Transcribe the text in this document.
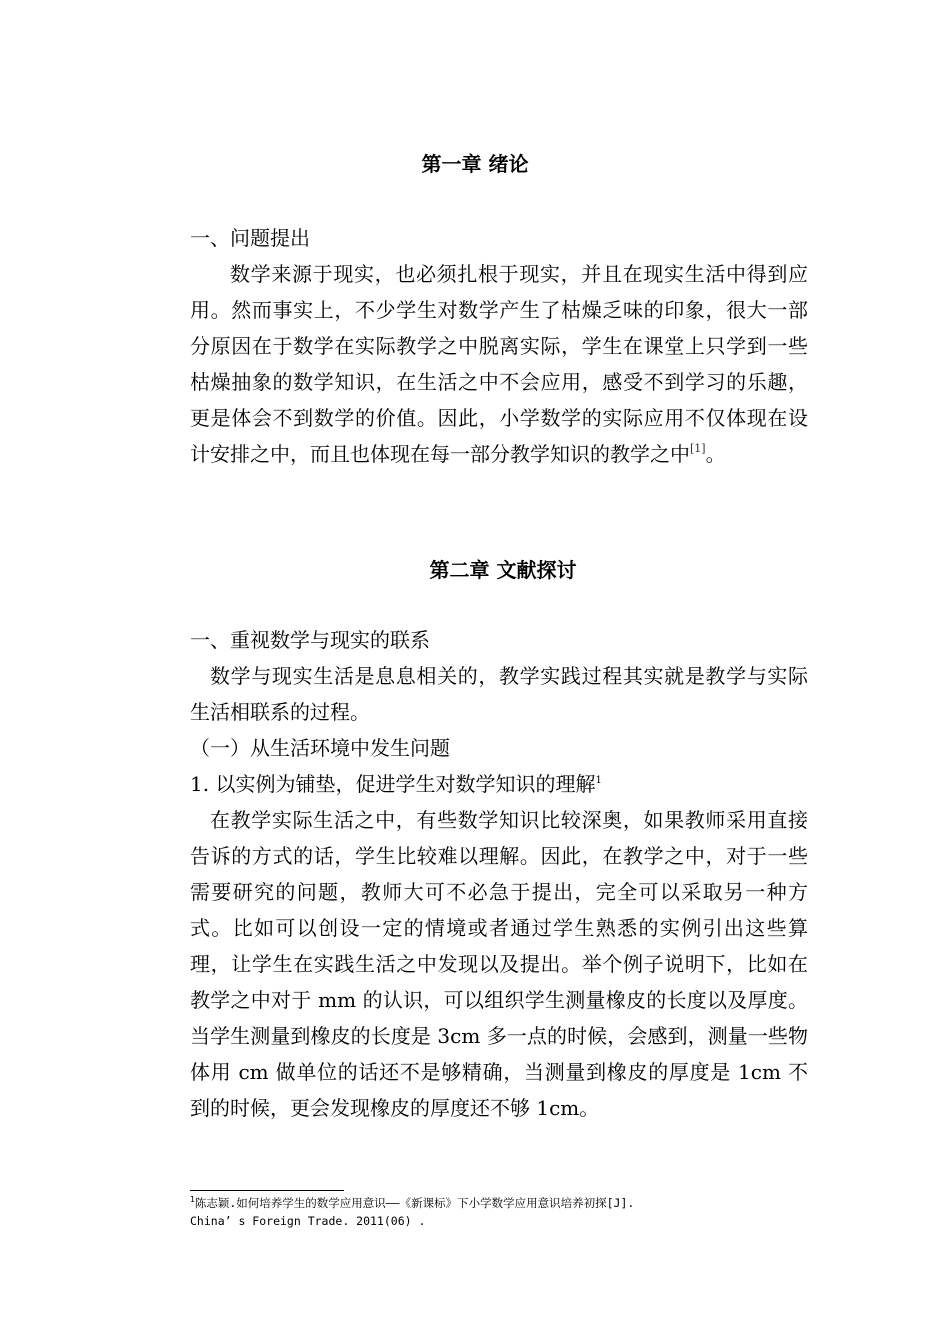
第一章 绪论
一、问题提出
数学来源于现实，也必须扎根于现实，并且在现实生活中得到应用。然而事实上，不少学生对数学产生了枯燥乏味的印象，很大一部分原因在于数学在实际教学之中脱离实际，学生在课堂上只学到一些枯燥抽象的数学知识，在生活之中不会应用，感受不到学习的乐趣，更是体会不到数学的价值。因此，小学数学的实际应用不仅体现在设计安排之中，而且也体现在每一部分教学知识的教学之中[1]。
第二章 文献探讨
一、重视数学与现实的联系
数学与现实生活是息息相关的，教学实践过程其实就是教学与实际生活相联系的过程。
（一）从生活环境中发生问题
1. 以实例为铺垫，促进学生对数学知识的理解$^1$
在教学实际生活之中，有些数学知识比较深奥，如果教师采用直接告诉的方式的话，学生比较难以理解。因此，在教学之中，对于一些需要研究的问题，教师大可不必急于提出，完全可以采取另一种方式。比如可以创设一定的情境或者通过学生熟悉的实例引出这些算理，让学生在实践生活之中发现以及提出。举个例子说明下，比如在教学之中对于 mm 的认识，可以组织学生测量橡皮的长度以及厚度。当学生测量到橡皮的长度是 3cm 多一点的时候，会感到，测量一些物体用 cm 做单位的话还不是够精确，当测量到橡皮的厚度是 1cm 不到的时候，更会发现橡皮的厚度还不够 1cm。
$^1$陈志颖.如何培养学生的数学应用意识——《新课标》下小学数学应用意识培养初探[J].
China’ s Foreign Trade. 2011(06) .
